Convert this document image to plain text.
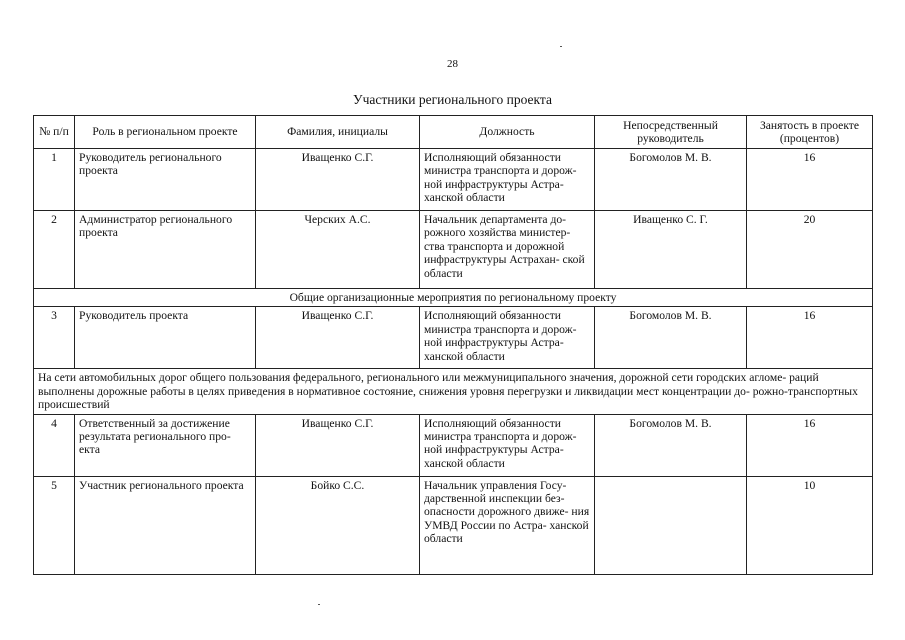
28
Участники регионального проекта
№ п/п	Роль в региональном проекте	Фамилия, инициалы	Должность	Непосредственный руководитель	Занятость в проекте (процентов)
1	Руководитель регионального проекта	Иващенко С.Г.	Исполняющий обязанности министра транспорта и дорож- ной инфраструктуры Астра- ханской области	Богомолов М. В.	16
2	Администратор регионального проекта	Черских А.С.	Начальник департамента до- рожного хозяйства министер- ства транспорта и дорожной инфраструктуры Астрахан- ской области	Иващенко С. Г.	20
Общие организационные мероприятия по региональному проекту					
3	Руководитель проекта	Иващенко С.Г.	Исполняющий обязанности министра транспорта и дорож- ной инфраструктуры Астра- ханской области	Богомолов М. В.	16
На сети автомобильных дорог общего пользования федерального, регионального или межмуниципального значения, дорожной сети городских агломе- раций выполнены дорожные работы в целях приведения в нормативное состояние, снижения уровня перегрузки и ликвидации мест концентрации до- рожно-транспортных происшествий					
4	Ответственный за достижение результата регионального про- екта	Иващенко С.Г.	Исполняющий обязанности министра транспорта и дорож- ной инфраструктуры Астра- ханской области	Богомолов М. В.	16
5	Участник регионального проекта	Бойко С.С.	Начальник управления Госу- дарственной инспекции без- опасности дорожного движе- ния УМВД России по Астра- ханской области		10
